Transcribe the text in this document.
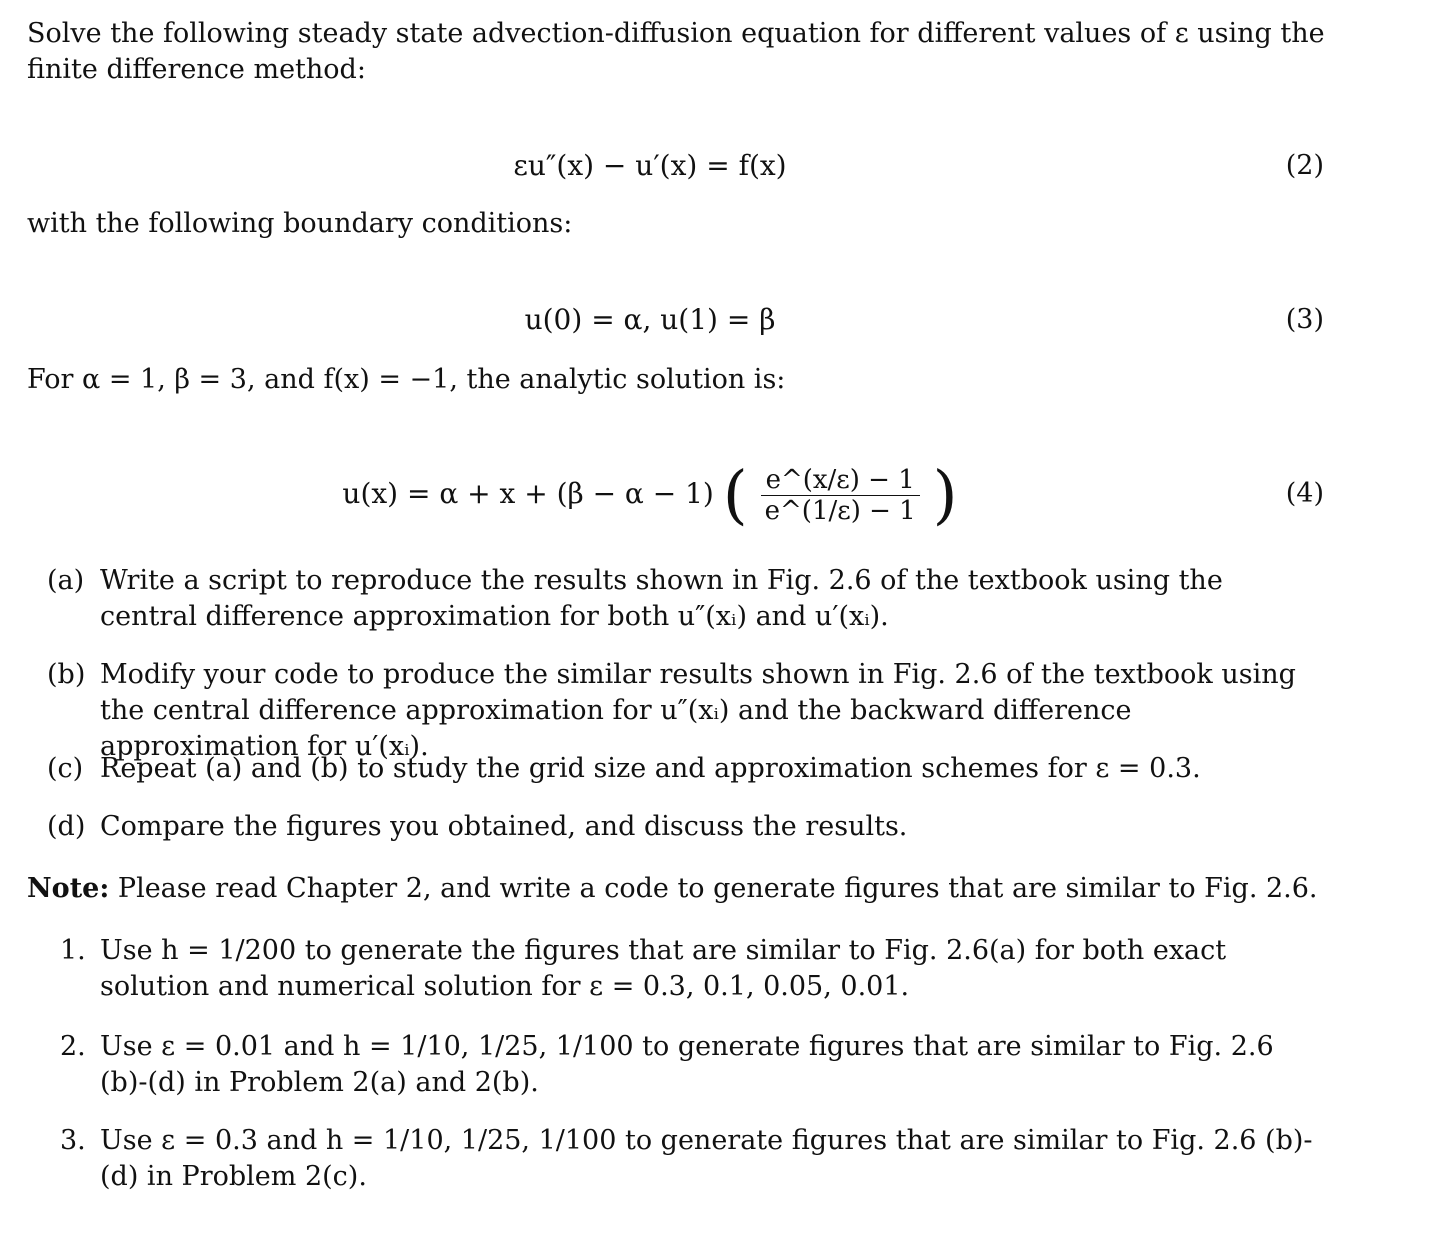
Solve the following steady state advection-diffusion equation for different values of ε using the finite difference method:

εu″(x) − u′(x) = f(x)	(2)

with the following boundary conditions:

u(0) = α, u(1) = β	(3)

For α = 1, β = 3, and f(x) = −1, the analytic solution is:

u(x) = α + x + (β − α − 1) ( $\frac{e\^{}(x/\varepsilon) - 1}{e\^{}(1/\varepsilon) - 1}$ )	(4)
(a) Write a script to reproduce the results shown in Fig. 2.6 of the textbook using the central difference approximation for both u″(xᵢ) and u′(xᵢ).
(b) Modify your code to produce the similar results shown in Fig. 2.6 of the textbook using the central difference approximation for u″(xᵢ) and the backward difference approximation for u′(xᵢ).
(c) Repeat (a) and (b) to study the grid size and approximation schemes for ε = 0.3.
(d) Compare the figures you obtained, and discuss the results.

Note: Please read Chapter 2, and write a code to generate figures that are similar to Fig. 2.6.

1. Use h = 1/200 to generate the figures that are similar to Fig. 2.6(a) for both exact solution and numerical solution for ε = 0.3, 0.1, 0.05, 0.01.
2. Use ε = 0.01 and h = 1/10, 1/25, 1/100 to generate figures that are similar to Fig. 2.6 (b)-(d) in Problem 2(a) and 2(b).
3. Use ε = 0.3 and h = 1/10, 1/25, 1/100 to generate figures that are similar to Fig. 2.6 (b)-(d) in Problem 2(c).
